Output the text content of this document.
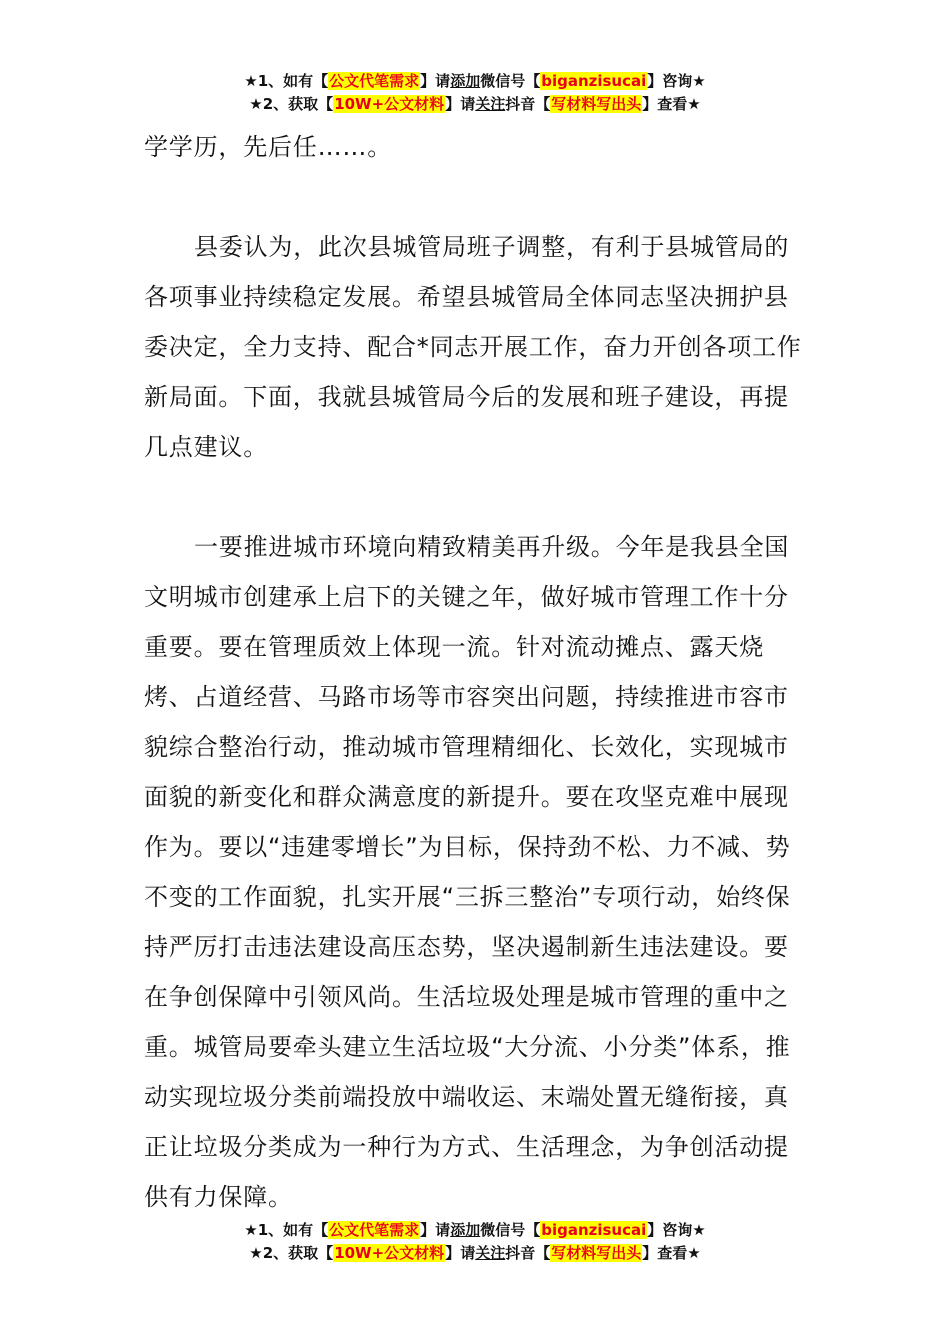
★1、如有【公文代笔需求】请添加微信号【biganzisucai】咨询★
★2、获取【10W+公文材料】请关注抖音【写材料写出头】查看★

学学历，先后任……。

县委认为，此次县城管局班子调整，有利于县城管局的各项事业持续稳定发展。希望县城管局全体同志坚决拥护县委决定，全力支持、配合*同志开展工作，奋力开创各项工作新局面。下面，我就县城管局今后的发展和班子建设，再提几点建议。

一要推进城市环境向精致精美再升级。今年是我县全国文明城市创建承上启下的关键之年，做好城市管理工作十分重要。要在管理质效上体现一流。针对流动摊点、露天烧烤、占道经营、马路市场等市容突出问题，持续推进市容市貌综合整治行动，推动城市管理精细化、长效化，实现城市面貌的新变化和群众满意度的新提升。要在攻坚克难中展现作为。要以“违建零增长”为目标，保持劲不松、力不减、势不变的工作面貌，扎实开展“三拆三整治”专项行动，始终保持严厉打击违法建设高压态势，坚决遏制新生违法建设。要在争创保障中引领风尚。生活垃圾处理是城市管理的重中之重。城管局要牵头建立生活垃圾“大分流、小分类”体系，推动实现垃圾分类前端投放中端收运、末端处置无缝衔接，真正让垃圾分类成为一种行为方式、生活理念，为争创活动提供有力保障。

★1、如有【公文代笔需求】请添加微信号【biganzisucai】咨询★
★2、获取【10W+公文材料】请关注抖音【写材料写出头】查看★
